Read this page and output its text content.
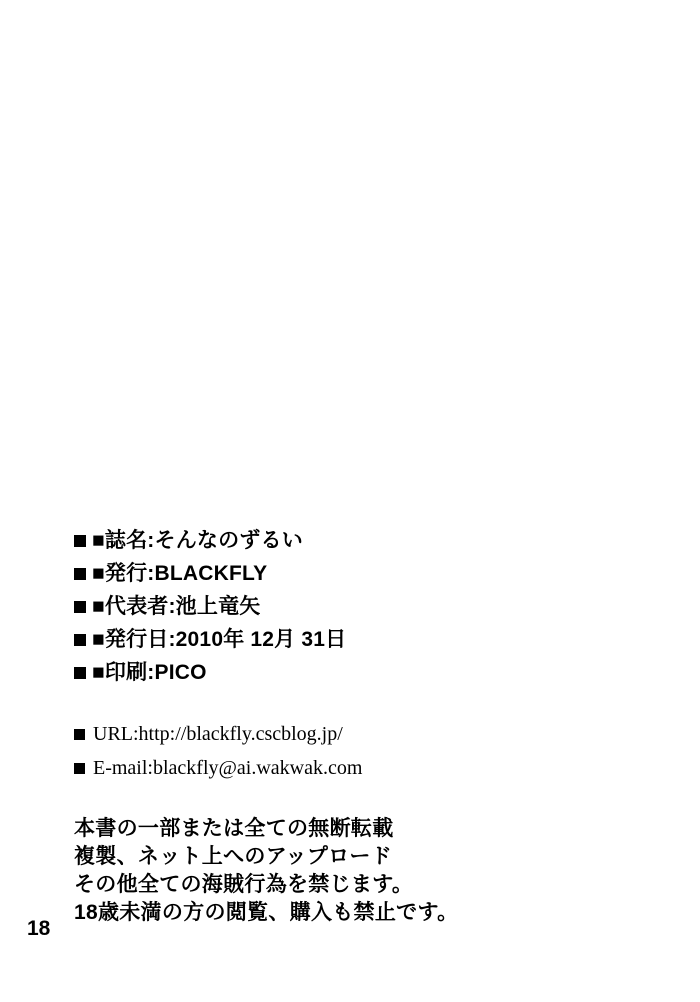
■誌名 :そんなのずるい
■発行 :BLACKFLY
■代表者 :池上竜矢
■発行日 :2010年 12月 31日
■印刷 :PICO
URL:http://blackfly.cscblog.jp/
E-mail:blackfly@ai.wakwak.com
本書の一部または全ての無断転載
複製、ネット上へのアップロード
その他全ての海賊行為を禁じます。
18歳未満の方の閲覧、購入も禁止です。
18
